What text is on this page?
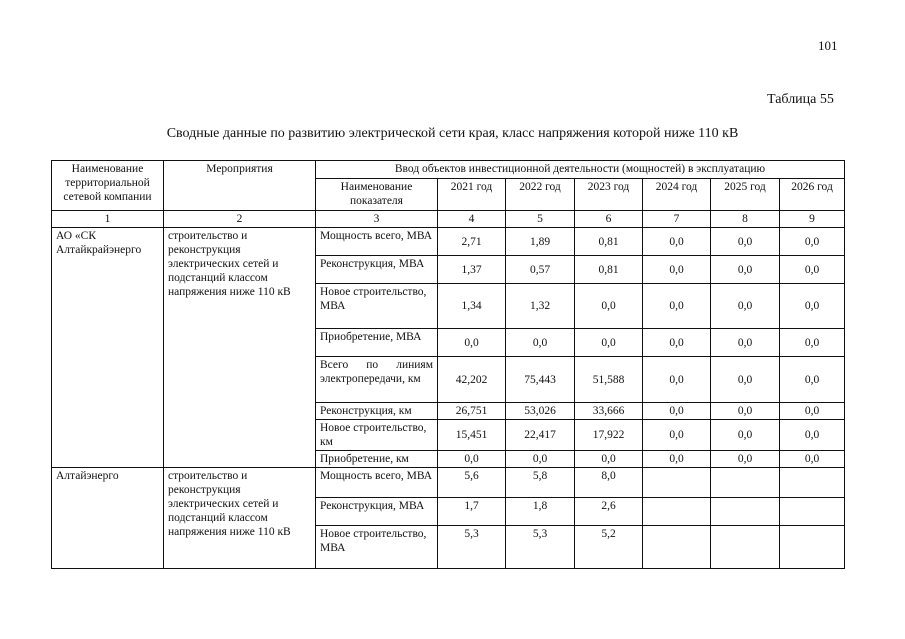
101
Таблица 55
Сводные данные по развитию электрической сети края, класс напряжения которой ниже 110 кВ
Наименование территориальной сетевой компании	Мероприятия	Ввод объектов инвестиционной деятельности (мощностей) в эксплуатацию						
		Наименование показателя	2021 год	2022 год	2023 год	2024 год	2025 год	2026 год
1	2	3	4	5	6	7	8	9
АО «СК Алтайкрайэнерго	строительство и реконструкция электрических сетей и подстанций классом напряжения ниже 110 кВ	Мощность всего, МВА	2,71	1,89	0,81	0,0	0,0	0,0
		Реконструкция, МВА	1,37	0,57	0,81	0,0	0,0	0,0
		Новое строительство, МВА	1,34	1,32	0,0	0,0	0,0	0,0
		Приобретение, МВА	0,0	0,0	0,0	0,0	0,0	0,0
		Всего по линиям электропередачи, км	42,202	75,443	51,588	0,0	0,0	0,0
		Реконструкция, км	26,751	53,026	33,666	0,0	0,0	0,0
		Новое строительство, км	15,451	22,417	17,922	0,0	0,0	0,0
		Приобретение, км	0,0	0,0	0,0	0,0	0,0	0,0
Алтайэнерго	строительство и реконструкция электрических сетей и подстанций классом напряжения ниже 110 кВ	Мощность всего, МВА	5,6	5,8	8,0			
		Реконструкция, МВА	1,7	1,8	2,6			
		Новое строительство, МВА	5,3	5,3	5,2			
